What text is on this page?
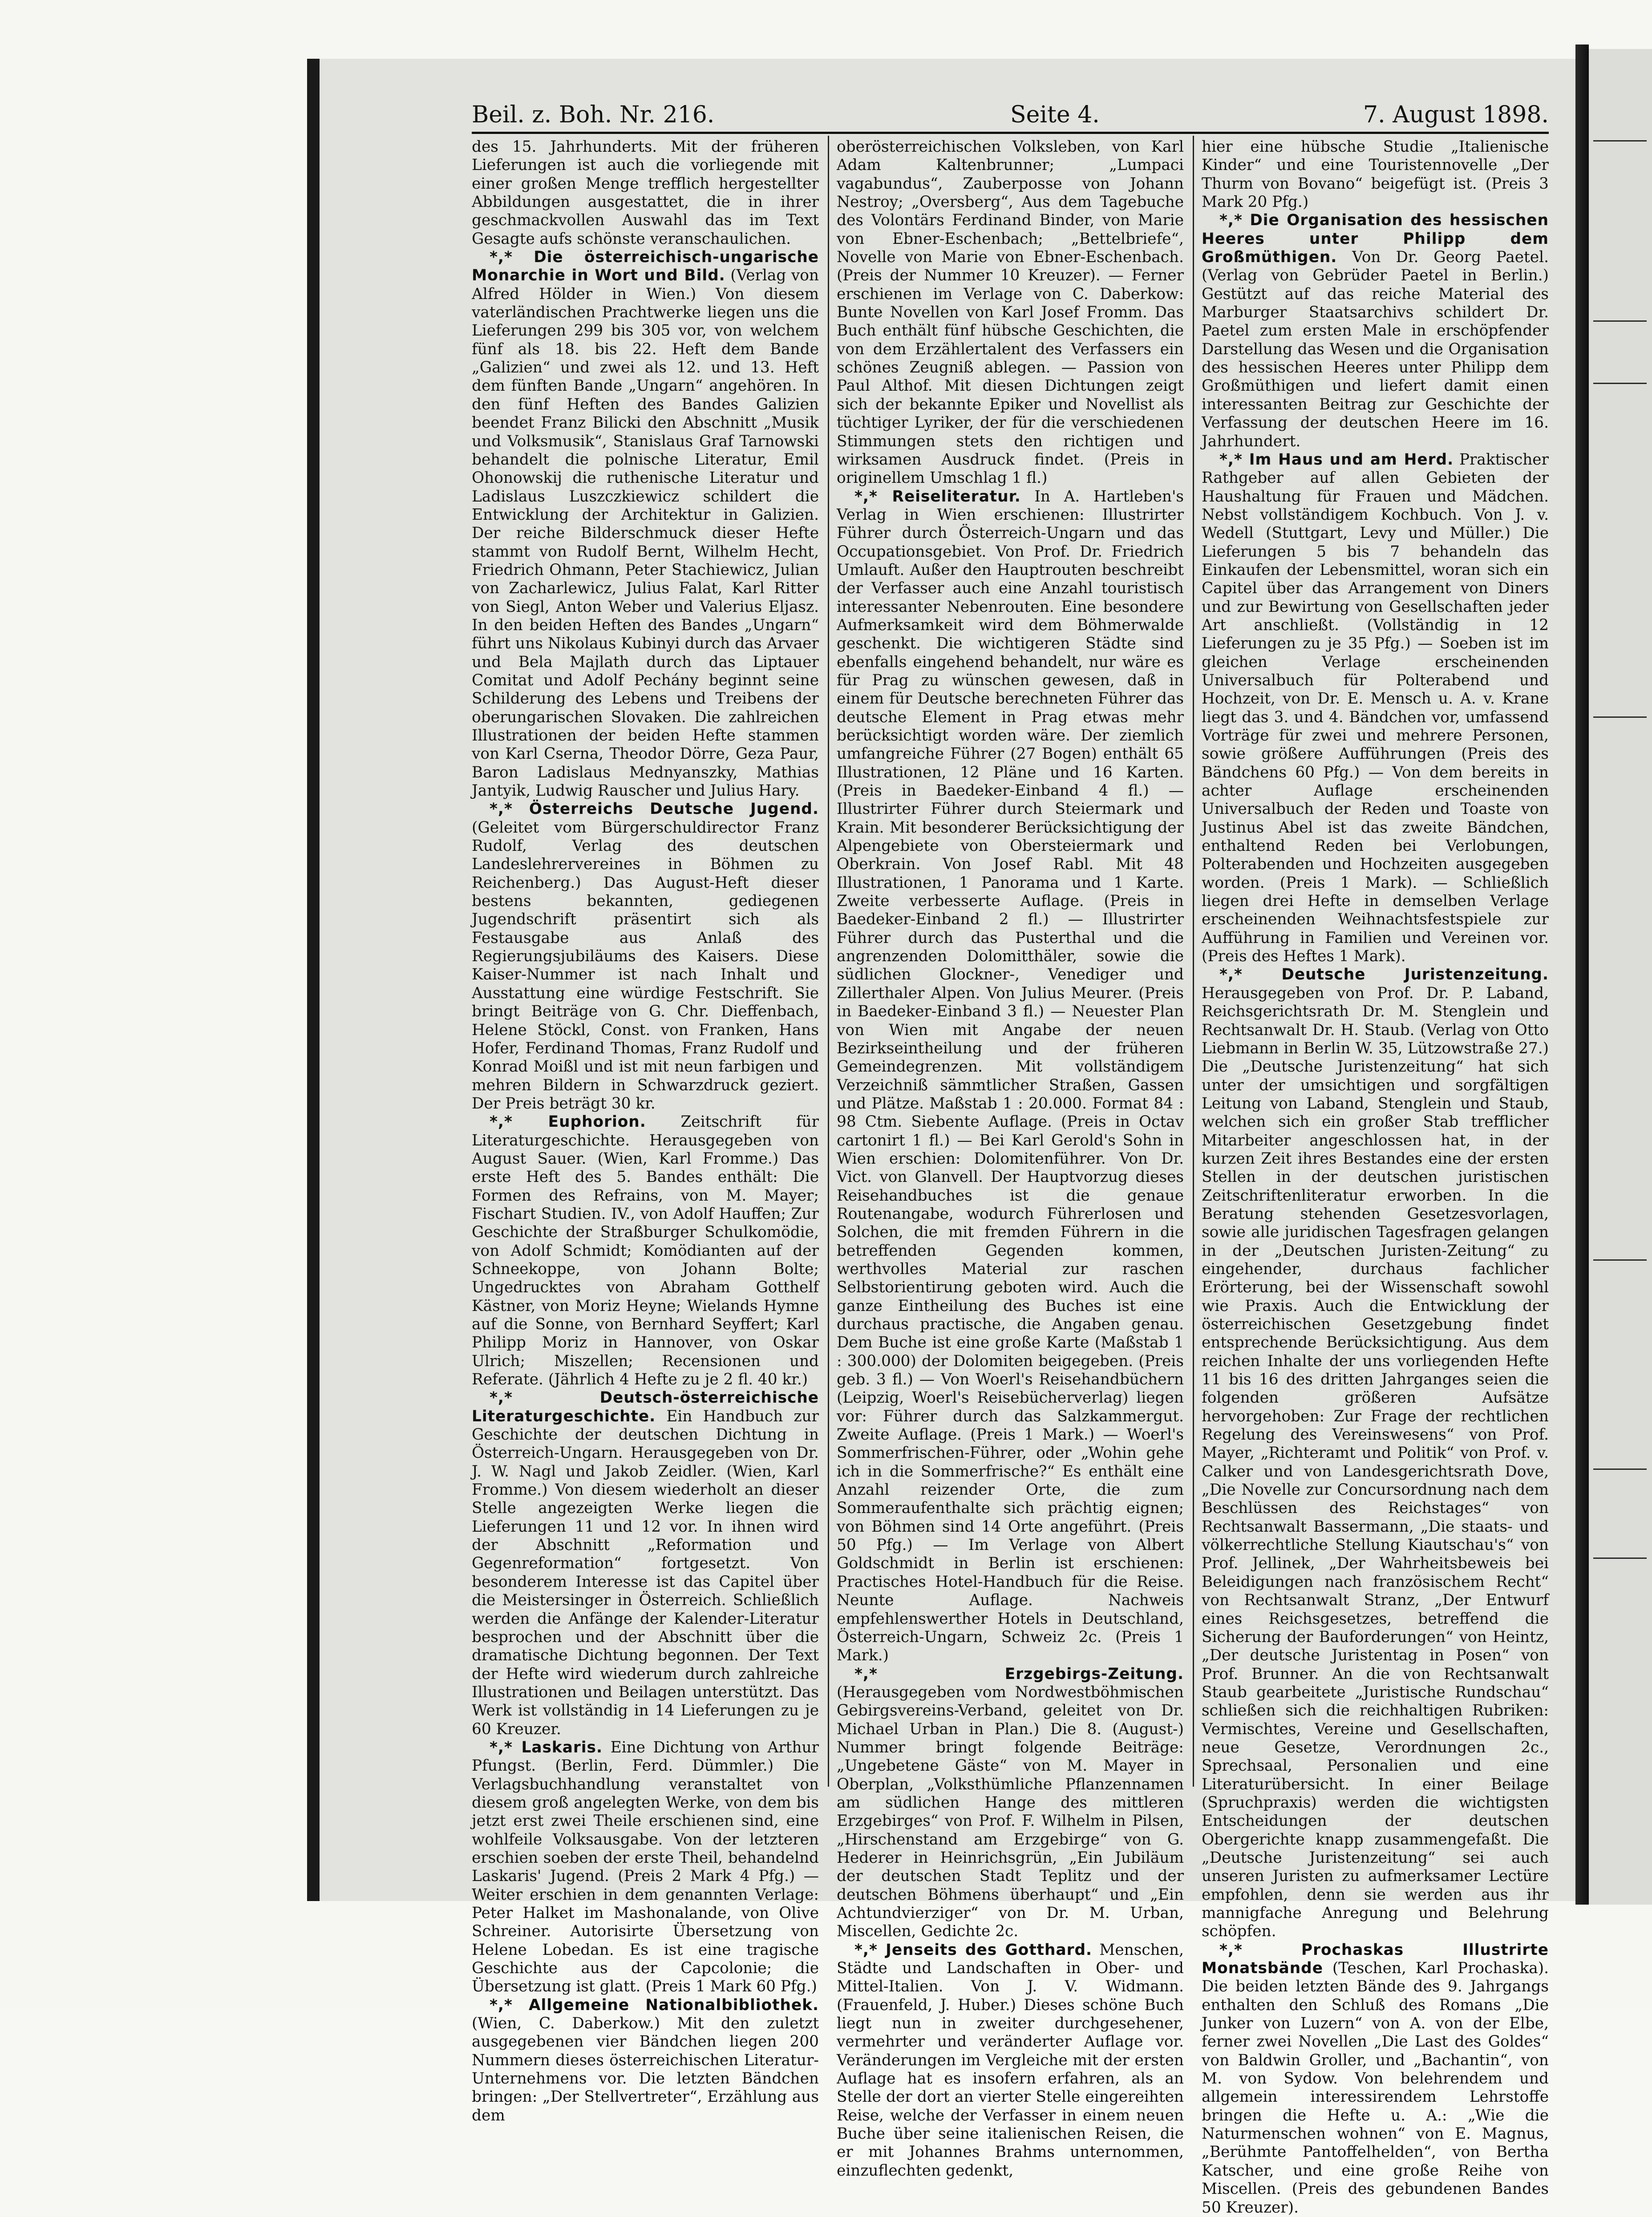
Beil. z. Boh. Nr. 216.	Seite 4.	7. August 1898.

des 15. Jahrhunderts. Mit der früheren Lieferungen ist auch die vorliegende mit einer großen Menge trefflich hergestellter Abbildungen ausgestattet, die in ihrer geschmackvollen Auswahl das im Text Gesagte aufs schönste veranschaulichen.

*,* Die österreichisch-ungarische Monarchie in Wort und Bild. (Verlag von Alfred Hölder in Wien.) Von diesem vaterländischen Prachtwerke liegen uns die Lieferungen 299 bis 305 vor, von welchem fünf als 18. bis 22. Heft dem Bande „Galizien“ und zwei als 12. und 13. Heft dem fünften Bande „Ungarn“ angehören. In den fünf Heften des Bandes Galizien beendet Franz Bilicki den Abschnitt „Musik und Volksmusik“, Stanislaus Graf Tarnowski behandelt die polnische Literatur, Emil Ohonowskij die ruthenische Literatur und Ladislaus Luszczkiewicz schildert die Entwicklung der Architektur in Galizien. Der reiche Bilderschmuck dieser Hefte stammt von Rudolf Bernt, Wilhelm Hecht, Friedrich Ohmann, Peter Stachiewicz, Julian von Zacharlewicz, Julius Falat, Karl Ritter von Siegl, Anton Weber und Valerius Eljasz. In den beiden Heften des Bandes „Ungarn“ führt uns Nikolaus Kubinyi durch das Arvaer und Bela Majlath durch das Liptauer Comitat und Adolf Pechány beginnt seine Schilderung des Lebens und Treibens der oberungarischen Slovaken. Die zahlreichen Illustrationen der beiden Hefte stammen von Karl Cserna, Theodor Dörre, Geza Paur, Baron Ladislaus Mednyanszky, Mathias Jantyik, Ludwig Rauscher und Julius Hary.

*,* Österreichs Deutsche Jugend. (Geleitet vom Bürgerschuldirector Franz Rudolf, Verlag des deutschen Landeslehrervereines in Böhmen zu Reichenberg.) Das August-Heft dieser bestens bekannten, gediegenen Jugendschrift präsentirt sich als Festausgabe aus Anlaß des Regierungsjubiläums des Kaisers. Diese Kaiser-Nummer ist nach Inhalt und Ausstattung eine würdige Festschrift. Sie bringt Beiträge von G. Chr. Dieffenbach, Helene Stöckl, Const. von Franken, Hans Hofer, Ferdinand Thomas, Franz Rudolf und Konrad Moißl und ist mit neun farbigen und mehren Bildern in Schwarzdruck geziert. Der Preis beträgt 30 kr.

*,* Euphorion. Zeitschrift für Literaturgeschichte. Herausgegeben von August Sauer. (Wien, Karl Fromme.) Das erste Heft des 5. Bandes enthält: Die Formen des Refrains, von M. Mayer; Fischart Studien. IV., von Adolf Hauffen; Zur Geschichte der Straßburger Schulkomödie, von Adolf Schmidt; Komödianten auf der Schneekoppe, von Johann Bolte; Ungedrucktes von Abraham Gotthelf Kästner, von Moriz Heyne; Wielands Hymne auf die Sonne, von Bernhard Seyffert; Karl Philipp Moriz in Hannover, von Oskar Ulrich; Miszellen; Recensionen und Referate. (Jährlich 4 Hefte zu je 2 fl. 40 kr.)

*,* Deutsch-österreichische Literaturgeschichte. Ein Handbuch zur Geschichte der deutschen Dichtung in Österreich-Ungarn. Herausgegeben von Dr. J. W. Nagl und Jakob Zeidler. (Wien, Karl Fromme.) Von diesem wiederholt an dieser Stelle angezeigten Werke liegen die Lieferungen 11 und 12 vor. In ihnen wird der Abschnitt „Reformation und Gegenreformation“ fortgesetzt. Von besonderem Interesse ist das Capitel über die Meistersinger in Österreich. Schließlich werden die Anfänge der Kalender-Literatur besprochen und der Abschnitt über die dramatische Dichtung begonnen. Der Text der Hefte wird wiederum durch zahlreiche Illustrationen und Beilagen unterstützt. Das Werk ist vollständig in 14 Lieferungen zu je 60 Kreuzer.

*,* Laskaris. Eine Dichtung von Arthur Pfungst. (Berlin, Ferd. Dümmler.) Die Verlagsbuchhandlung veranstaltet von diesem groß angelegten Werke, von dem bis jetzt erst zwei Theile erschienen sind, eine wohlfeile Volksausgabe. Von der letzteren erschien soeben der erste Theil, behandelnd Laskaris' Jugend. (Preis 2 Mark 4 Pfg.) — Weiter erschien in dem genannten Verlage: Peter Halket im Mashonalande, von Olive Schreiner. Autorisirte Übersetzung von Helene Lobedan. Es ist eine tragische Geschichte aus der Capcolonie; die Übersetzung ist glatt. (Preis 1 Mark 60 Pfg.)

*,* Allgemeine Nationalbibliothek. (Wien, C. Daberkow.) Mit den zuletzt ausgegebenen vier Bändchen liegen 200 Nummern dieses österreichischen Literatur-Unternehmens vor. Die letzten Bändchen bringen: „Der Stellvertreter“, Erzählung aus dem

oberösterreichischen Volksleben, von Karl Adam Kaltenbrunner; „Lumpaci vagabundus“, Zauberposse von Johann Nestroy; „Oversberg“, Aus dem Tagebuche des Volontärs Ferdinand Binder, von Marie von Ebner-Eschenbach; „Bettelbriefe“, Novelle von Marie von Ebner-Eschenbach. (Preis der Nummer 10 Kreuzer). — Ferner erschienen im Verlage von C. Daberkow: Bunte Novellen von Karl Josef Fromm. Das Buch enthält fünf hübsche Geschichten, die von dem Erzählertalent des Verfassers ein schönes Zeugniß ablegen. — Passion von Paul Althof. Mit diesen Dichtungen zeigt sich der bekannte Epiker und Novellist als tüchtiger Lyriker, der für die verschiedenen Stimmungen stets den richtigen und wirksamen Ausdruck findet. (Preis in originellem Umschlag 1 fl.)

*,* Reiseliteratur. In A. Hartleben's Verlag in Wien erschienen: Illustrirter Führer durch Österreich-Ungarn und das Occupationsgebiet. Von Prof. Dr. Friedrich Umlauft. Außer den Hauptrouten beschreibt der Verfasser auch eine Anzahl touristisch interessanter Nebenrouten. Eine besondere Aufmerksamkeit wird dem Böhmerwalde geschenkt. Die wichtigeren Städte sind ebenfalls eingehend behandelt, nur wäre es für Prag zu wünschen gewesen, daß in einem für Deutsche berechneten Führer das deutsche Element in Prag etwas mehr berücksichtigt worden wäre. Der ziemlich umfangreiche Führer (27 Bogen) enthält 65 Illustrationen, 12 Pläne und 16 Karten. (Preis in Baedeker-Einband 4 fl.) — Illustrirter Führer durch Steiermark und Krain. Mit besonderer Berücksichtigung der Alpengebiete von Obersteiermark und Oberkrain. Von Josef Rabl. Mit 48 Illustrationen, 1 Panorama und 1 Karte. Zweite verbesserte Auflage. (Preis in Baedeker-Einband 2 fl.) — Illustrirter Führer durch das Pusterthal und die angrenzenden Dolomitthäler, sowie die südlichen Glockner-, Venediger und Zillerthaler Alpen. Von Julius Meurer. (Preis in Baedeker-Einband 3 fl.) — Neuester Plan von Wien mit Angabe der neuen Bezirkseintheilung und der früheren Gemeindegrenzen. Mit vollständigem Verzeichniß sämmtlicher Straßen, Gassen und Plätze. Maßstab 1 : 20.000. Format 84 : 98 Ctm. Siebente Auflage. (Preis in Octav cartonirt 1 fl.) — Bei Karl Gerold's Sohn in Wien erschien: Dolomitenführer. Von Dr. Vict. von Glanvell. Der Hauptvorzug dieses Reisehandbuches ist die genaue Routenangabe, wodurch Führerlosen und Solchen, die mit fremden Führern in die betreffenden Gegenden kommen, werthvolles Material zur raschen Selbstorientirung geboten wird. Auch die ganze Eintheilung des Buches ist eine durchaus practische, die Angaben genau. Dem Buche ist eine große Karte (Maßstab 1 : 300.000) der Dolomiten beigegeben. (Preis geb. 3 fl.) — Von Woerl's Reisehandbüchern (Leipzig, Woerl's Reisebücherverlag) liegen vor: Führer durch das Salzkammergut. Zweite Auflage. (Preis 1 Mark.) — Woerl's Sommerfrischen-Führer, oder „Wohin gehe ich in die Sommerfrische?“ Es enthält eine Anzahl reizender Orte, die zum Sommeraufenthalte sich prächtig eignen; von Böhmen sind 14 Orte angeführt. (Preis 50 Pfg.) — Im Verlage von Albert Goldschmidt in Berlin ist erschienen: Practisches Hotel-Handbuch für die Reise. Neunte Auflage. Nachweis empfehlenswerther Hotels in Deutschland, Österreich-Ungarn, Schweiz 2c. (Preis 1 Mark.)

*,* Erzgebirgs-Zeitung. (Herausgegeben vom Nordwestböhmischen Gebirgsvereins-Verband, geleitet von Dr. Michael Urban in Plan.) Die 8. (August-) Nummer bringt folgende Beiträge: „Ungebetene Gäste“ von M. Mayer in Oberplan, „Volksthümliche Pflanzennamen am südlichen Hange des mittleren Erzgebirges“ von Prof. F. Wilhelm in Pilsen, „Hirschenstand am Erzgebirge“ von G. Hederer in Heinrichsgrün, „Ein Jubiläum der deutschen Stadt Teplitz und der deutschen Böhmens überhaupt“ und „Ein Achtundvierziger“ von Dr. M. Urban, Miscellen, Gedichte 2c.

*,* Jenseits des Gotthard. Menschen, Städte und Landschaften in Ober- und Mittel-Italien. Von J. V. Widmann. (Frauenfeld, J. Huber.) Dieses schöne Buch liegt nun in zweiter durchgesehener, vermehrter und veränderter Auflage vor. Veränderungen im Vergleiche mit der ersten Auflage hat es insofern erfahren, als an Stelle der dort an vierter Stelle eingereihten Reise, welche der Verfasser in einem neuen Buche über seine italienischen Reisen, die er mit Johannes Brahms unternommen, einzuflechten gedenkt,

hier eine hübsche Studie „Italienische Kinder“ und eine Touristennovelle „Der Thurm von Bovano“ beigefügt ist. (Preis 3 Mark 20 Pfg.)

*,* Die Organisation des hessischen Heeres unter Philipp dem Großmüthigen. Von Dr. Georg Paetel. (Verlag von Gebrüder Paetel in Berlin.) Gestützt auf das reiche Material des Marburger Staatsarchivs schildert Dr. Paetel zum ersten Male in erschöpfender Darstellung das Wesen und die Organisation des hessischen Heeres unter Philipp dem Großmüthigen und liefert damit einen interessanten Beitrag zur Geschichte der Verfassung der deutschen Heere im 16. Jahrhundert.

*,* Im Haus und am Herd. Praktischer Rathgeber auf allen Gebieten der Haushaltung für Frauen und Mädchen. Nebst vollständigem Kochbuch. Von J. v. Wedell (Stuttgart, Levy und Müller.) Die Lieferungen 5 bis 7 behandeln das Einkaufen der Lebensmittel, woran sich ein Capitel über das Arrangement von Diners und zur Bewirtung von Gesellschaften jeder Art anschließt. (Vollständig in 12 Lieferungen zu je 35 Pfg.) — Soeben ist im gleichen Verlage erscheinenden Universalbuch für Polterabend und Hochzeit, von Dr. E. Mensch u. A. v. Krane liegt das 3. und 4. Bändchen vor, umfassend Vorträge für zwei und mehrere Personen, sowie größere Aufführungen (Preis des Bändchens 60 Pfg.) — Von dem bereits in achter Auflage erscheinenden Universalbuch der Reden und Toaste von Justinus Abel ist das zweite Bändchen, enthaltend Reden bei Verlobungen, Polterabenden und Hochzeiten ausgegeben worden. (Preis 1 Mark). — Schließlich liegen drei Hefte in demselben Verlage erscheinenden Weihnachtsfestspiele zur Aufführung in Familien und Vereinen vor. (Preis des Heftes 1 Mark).

*,* Deutsche Juristenzeitung. Herausgegeben von Prof. Dr. P. Laband, Reichsgerichtsrath Dr. M. Stenglein und Rechtsanwalt Dr. H. Staub. (Verlag von Otto Liebmann in Berlin W. 35, Lützowstraße 27.) Die „Deutsche Juristenzeitung“ hat sich unter der umsichtigen und sorgfältigen Leitung von Laband, Stenglein und Staub, welchen sich ein großer Stab trefflicher Mitarbeiter angeschlossen hat, in der kurzen Zeit ihres Bestandes eine der ersten Stellen in der deutschen juristischen Zeitschriftenliteratur erworben. In die Beratung stehenden Gesetzesvorlagen, sowie alle juridischen Tagesfragen gelangen in der „Deutschen Juristen-Zeitung“ zu eingehender, durchaus fachlicher Erörterung, bei der Wissenschaft sowohl wie Praxis. Auch die Entwicklung der österreichischen Gesetzgebung findet entsprechende Berücksichtigung. Aus dem reichen Inhalte der uns vorliegenden Hefte 11 bis 16 des dritten Jahrganges seien die folgenden größeren Aufsätze hervorgehoben: Zur Frage der rechtlichen Regelung des Vereinswesens“ von Prof. Mayer, „Richteramt und Politik“ von Prof. v. Calker und von Landesgerichtsrath Dove, „Die Novelle zur Concursordnung nach dem Beschlüssen des Reichstages“ von Rechtsanwalt Bassermann, „Die staats- und völkerrechtliche Stellung Kiautschau's“ von Prof. Jellinek, „Der Wahrheitsbeweis bei Beleidigungen nach französischem Recht“ von Rechtsanwalt Stranz, „Der Entwurf eines Reichsgesetzes, betreffend die Sicherung der Bauforderungen“ von Heintz, „Der deutsche Juristentag in Posen“ von Prof. Brunner. An die von Rechtsanwalt Staub gearbeitete „Juristische Rundschau“ schließen sich die reichhaltigen Rubriken: Vermischtes, Vereine und Gesellschaften, neue Gesetze, Verordnungen 2c., Sprechsaal, Personalien und eine Literaturübersicht. In einer Beilage (Spruchpraxis) werden die wichtigsten Entscheidungen der deutschen Obergerichte knapp zusammengefaßt. Die „Deutsche Juristenzeitung“ sei auch unseren Juristen zu aufmerksamer Lectüre empfohlen, denn sie werden aus ihr mannigfache Anregung und Belehrung schöpfen.

*,* Prochaskas Illustrirte Monatsbände (Teschen, Karl Prochaska). Die beiden letzten Bände des 9. Jahrgangs enthalten den Schluß des Romans „Die Junker von Luzern“ von A. von der Elbe, ferner zwei Novellen „Die Last des Goldes“ von Baldwin Groller, und „Bachantin“, von M. von Sydow. Von belehrendem und allgemein interessirendem Lehrstoffe bringen die Hefte u. A.: „Wie die Naturmenschen wohnen“ von E. Magnus, „Berühmte Pantoffelhelden“, von Bertha Katscher, und eine große Reihe von Miscellen. (Preis des gebundenen Bandes 50 Kreuzer).
